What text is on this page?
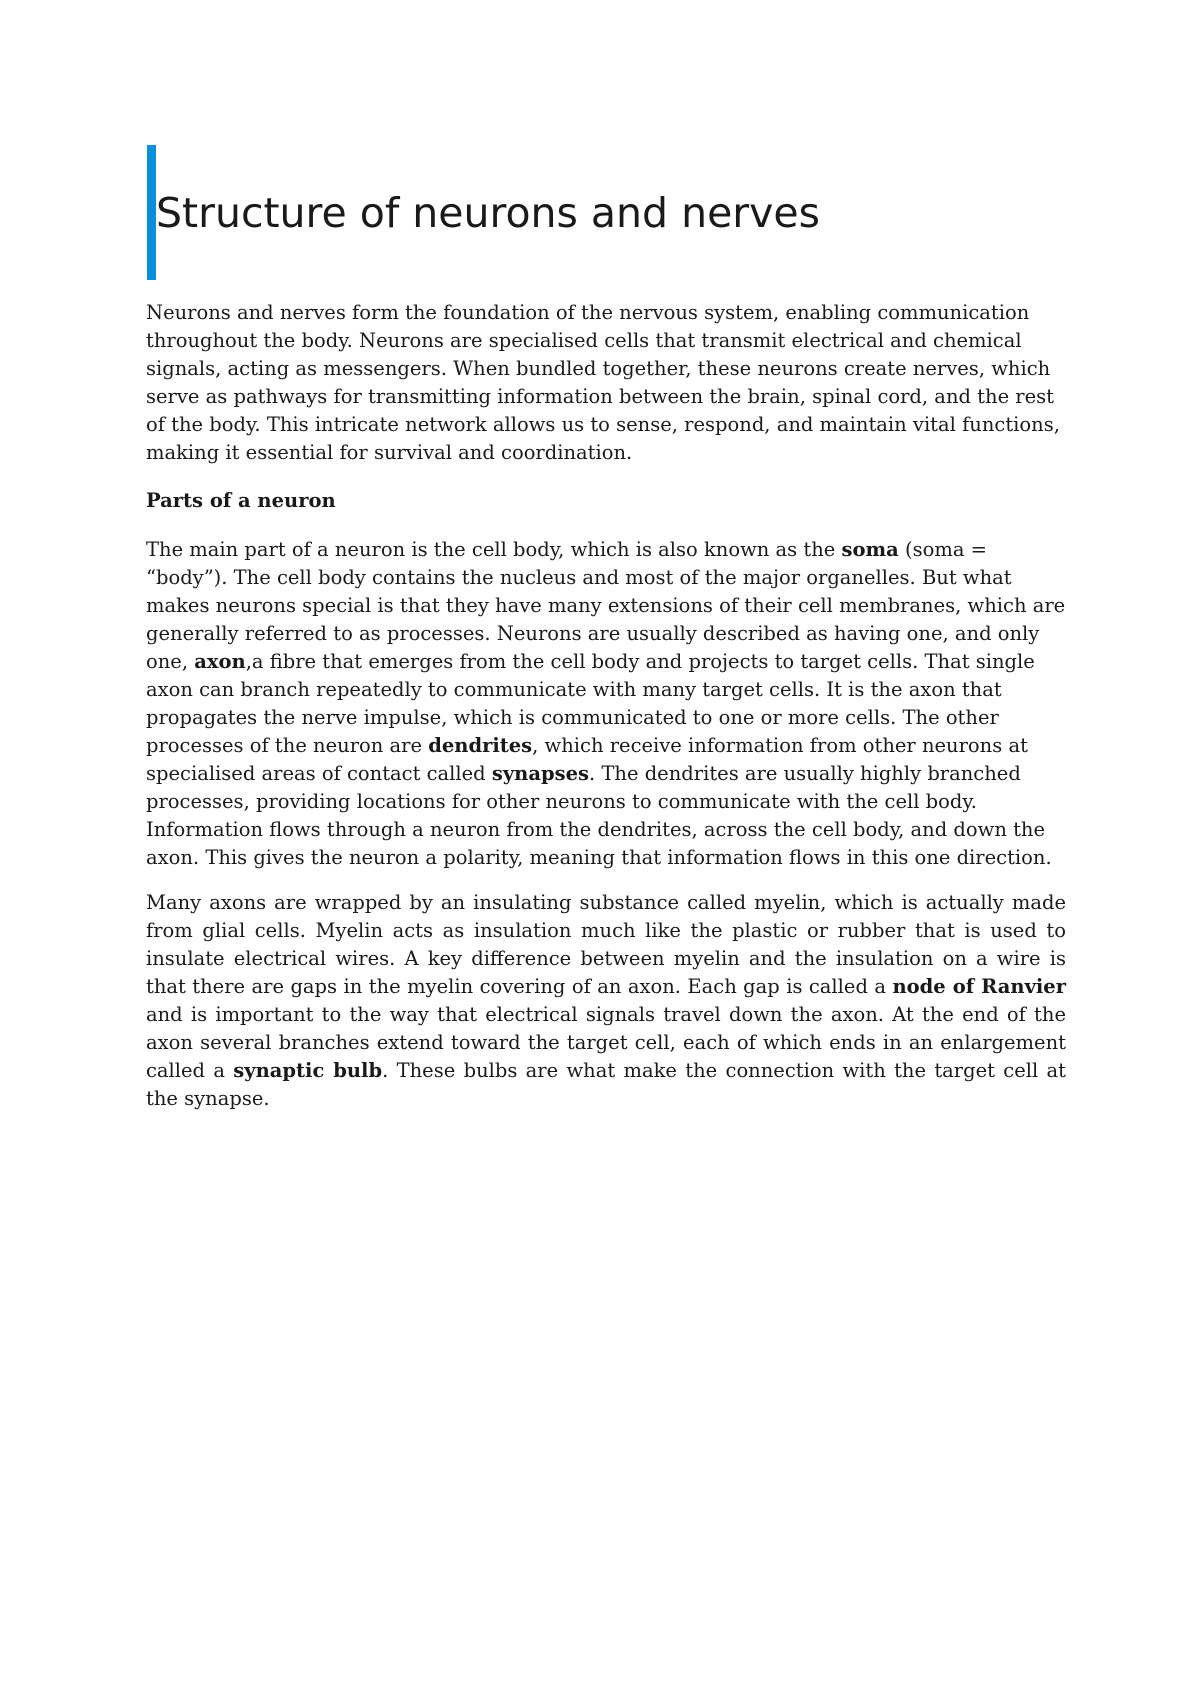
Structure of neurons and nerves

Neurons and nerves form the foundation of the nervous system, enabling communication throughout the body. Neurons are specialised cells that transmit electrical and chemical signals, acting as messengers. When bundled together, these neurons create nerves, which serve as pathways for transmitting information between the brain, spinal cord, and the rest of the body. This intricate network allows us to sense, respond, and maintain vital functions, making it essential for survival and coordination.

Parts of a neuron

The main part of a neuron is the cell body, which is also known as the soma (soma = “body”). The cell body contains the nucleus and most of the major organelles. But what makes neurons special is that they have many extensions of their cell membranes, which are generally referred to as processes. Neurons are usually described as having one, and only one, axon,a fibre that emerges from the cell body and projects to target cells. That single axon can branch repeatedly to communicate with many target cells. It is the axon that propagates the nerve impulse, which is communicated to one or more cells. The other processes of the neuron are dendrites, which receive information from other neurons at specialised areas of contact called synapses. The dendrites are usually highly branched processes, providing locations for other neurons to communicate with the cell body. Information flows through a neuron from the dendrites, across the cell body, and down the axon. This gives the neuron a polarity, meaning that information flows in this one direction.

Many axons are wrapped by an insulating substance called myelin, which is actually made from glial cells. Myelin acts as insulation much like the plastic or rubber that is used to insulate electrical wires. A key difference between myelin and the insulation on a wire is that there are gaps in the myelin covering of an axon. Each gap is called a node of Ranvier and is important to the way that electrical signals travel down the axon. At the end of the axon several branches extend toward the target cell, each of which ends in an enlargement called a synaptic bulb. These bulbs are what make the connection with the target cell at the synapse.
